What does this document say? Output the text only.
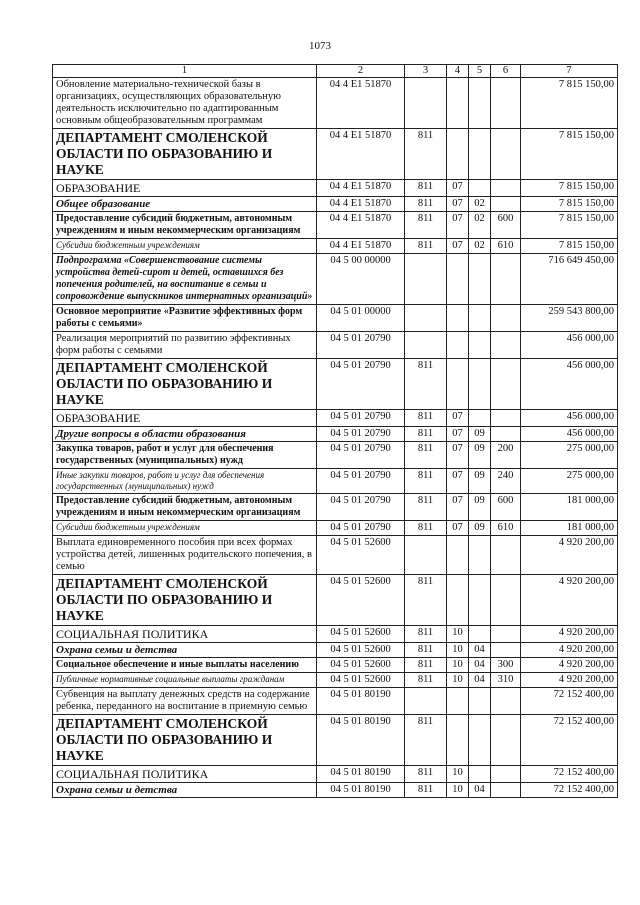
1073
1	2	3	4	5	6	7
Обновление материально-технической базы в организациях, осуществляющих образовательную деятельность исключительно по адаптированным основным общеобразовательным программам	04 4 E1 51870					7 815 150,00
ДЕПАРТАМЕНТ СМОЛЕНСКОЙ ОБЛАСТИ ПО ОБРАЗОВАНИЮ И НАУКЕ	04 4 E1 51870	811				7 815 150,00
ОБРАЗОВАНИЕ	04 4 E1 51870	811	07			7 815 150,00
Общее образование	04 4 E1 51870	811	07	02		7 815 150,00
Предоставление субсидий бюджетным, автономным учреждениям и иным некоммерческим организациям	04 4 E1 51870	811	07	02	600	7 815 150,00
Субсидии бюджетным учреждениям	04 4 E1 51870	811	07	02	610	7 815 150,00
Подпрограмма «Совершенствование системы устройства детей-сирот и детей, оставшихся без попечения родителей, на воспитание в семьи и сопровождение выпускников интернатных организаций»	04 5 00 00000					716 649 450,00
Основное мероприятие «Развитие эффективных форм работы с семьями»	04 5 01 00000					259 543 800,00
Реализация мероприятий по развитию эффективных форм работы с семьями	04 5 01 20790					456 000,00
ДЕПАРТАМЕНТ СМОЛЕНСКОЙ ОБЛАСТИ ПО ОБРАЗОВАНИЮ И НАУКЕ	04 5 01 20790	811				456 000,00
ОБРАЗОВАНИЕ	04 5 01 20790	811	07			456 000,00
Другие вопросы в области образования	04 5 01 20790	811	07	09		456 000,00
Закупка товаров, работ и услуг для обеспечения государственных (муниципальных) нужд	04 5 01 20790	811	07	09	200	275 000,00
Иные закупки товаров, работ и услуг для обеспечения государственных (муниципальных) нужд	04 5 01 20790	811	07	09	240	275 000,00
Предоставление субсидий бюджетным, автономным учреждениям и иным некоммерческим организациям	04 5 01 20790	811	07	09	600	181 000,00
Субсидии бюджетным учреждениям	04 5 01 20790	811	07	09	610	181 000,00
Выплата единовременного пособия при всех формах устройства детей, лишенных родительского попечения, в семью	04 5 01 52600					4 920 200,00
ДЕПАРТАМЕНТ СМОЛЕНСКОЙ ОБЛАСТИ ПО ОБРАЗОВАНИЮ И НАУКЕ	04 5 01 52600	811				4 920 200,00
СОЦИАЛЬНАЯ ПОЛИТИКА	04 5 01 52600	811	10			4 920 200,00
Охрана семьи и детства	04 5 01 52600	811	10	04		4 920 200,00
Социальное обеспечение и иные выплаты населению	04 5 01 52600	811	10	04	300	4 920 200,00
Публичные нормативные социальные выплаты гражданам	04 5 01 52600	811	10	04	310	4 920 200,00
Субвенция на выплату денежных средств на содержание ребенка, переданного на воспитание в приемную семью	04 5 01 80190					72 152 400,00
ДЕПАРТАМЕНТ СМОЛЕНСКОЙ ОБЛАСТИ ПО ОБРАЗОВАНИЮ И НАУКЕ	04 5 01 80190	811				72 152 400,00
СОЦИАЛЬНАЯ ПОЛИТИКА	04 5 01 80190	811	10			72 152 400,00
Охрана семьи и детства	04 5 01 80190	811	10	04		72 152 400,00
